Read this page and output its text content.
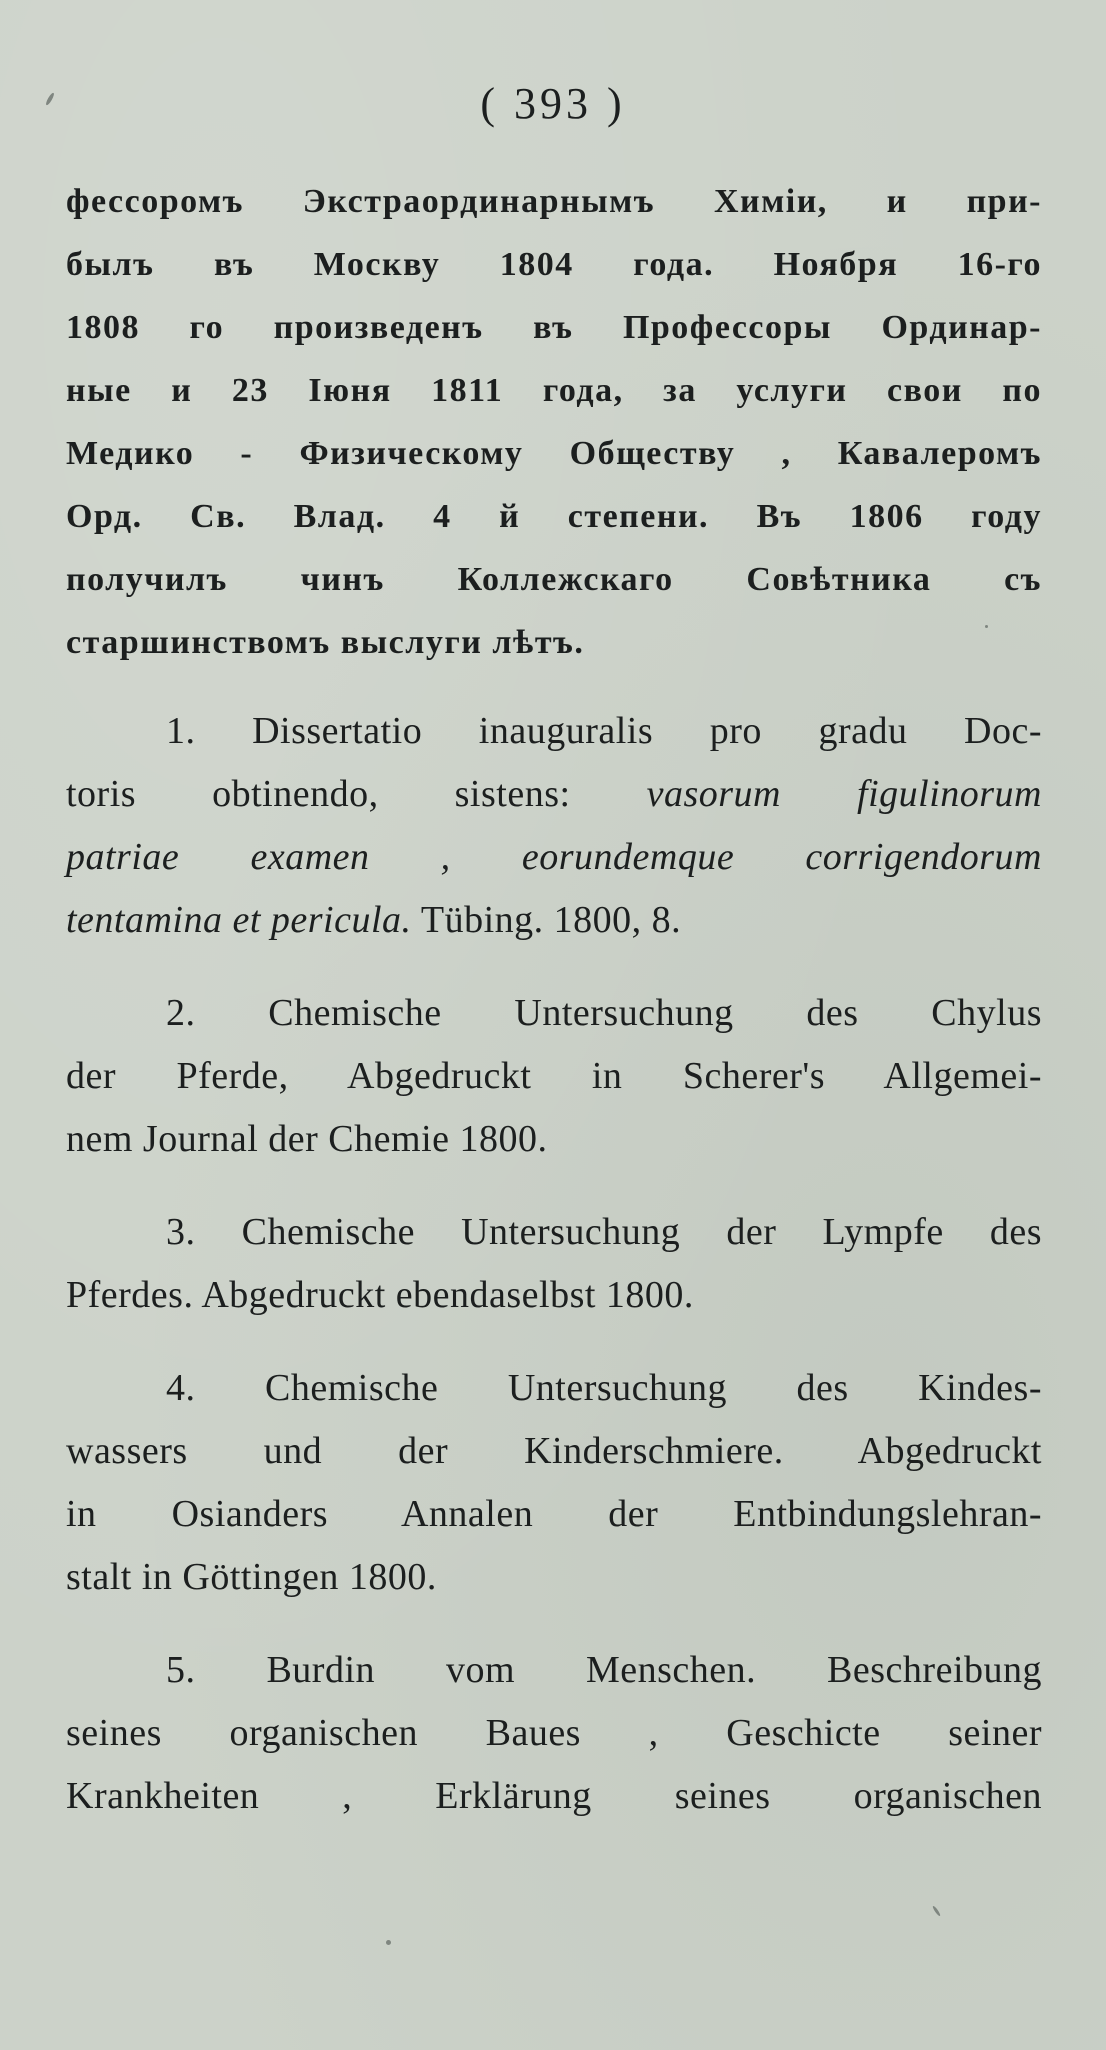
( 393 )
фессоромъ Экстраординарнымъ Химіи, и при-
былъ въ Москву 1804 года. Ноября 16-го
1808 го произведенъ въ Профессоры Ординар-
ные и 23 Іюня 1811 года, за услуги свои по
Медико - Физическому Обществу , Кавалеромъ
Орд. Св. Влад. 4 й степени. Въ 1806 году
получилъ чинъ Коллежскаго Совѣтника съ
старшинствомъ выслуги лѣтъ.
1. Dissertatio inauguralis pro gradu Doc-
toris obtinendo, sistens: vasorum figulinorum
patriae examen , eorundemque corrigendorum
tentamina et pericula. Tübing. 1800, 8.
2. Chemische Untersuchung des Chylus
der Pferde, Abgedruckt in Scherer's Allgemei-
nem Journal der Chemie 1800.
3. Chemische Untersuchung der Lympfe des
Pferdes. Abgedruckt ebendaselbst 1800.
4. Chemische Untersuchung des Kindes-
wassers und der Kinderschmiere. Abgedruckt
in Osianders Annalen der Entbindungslehran-
stalt in Göttingen 1800.
5. Burdin vom Menschen. Beschreibung
seines organischen Baues , Geschicte seiner
Krankheiten , Erklärung seines organischen
